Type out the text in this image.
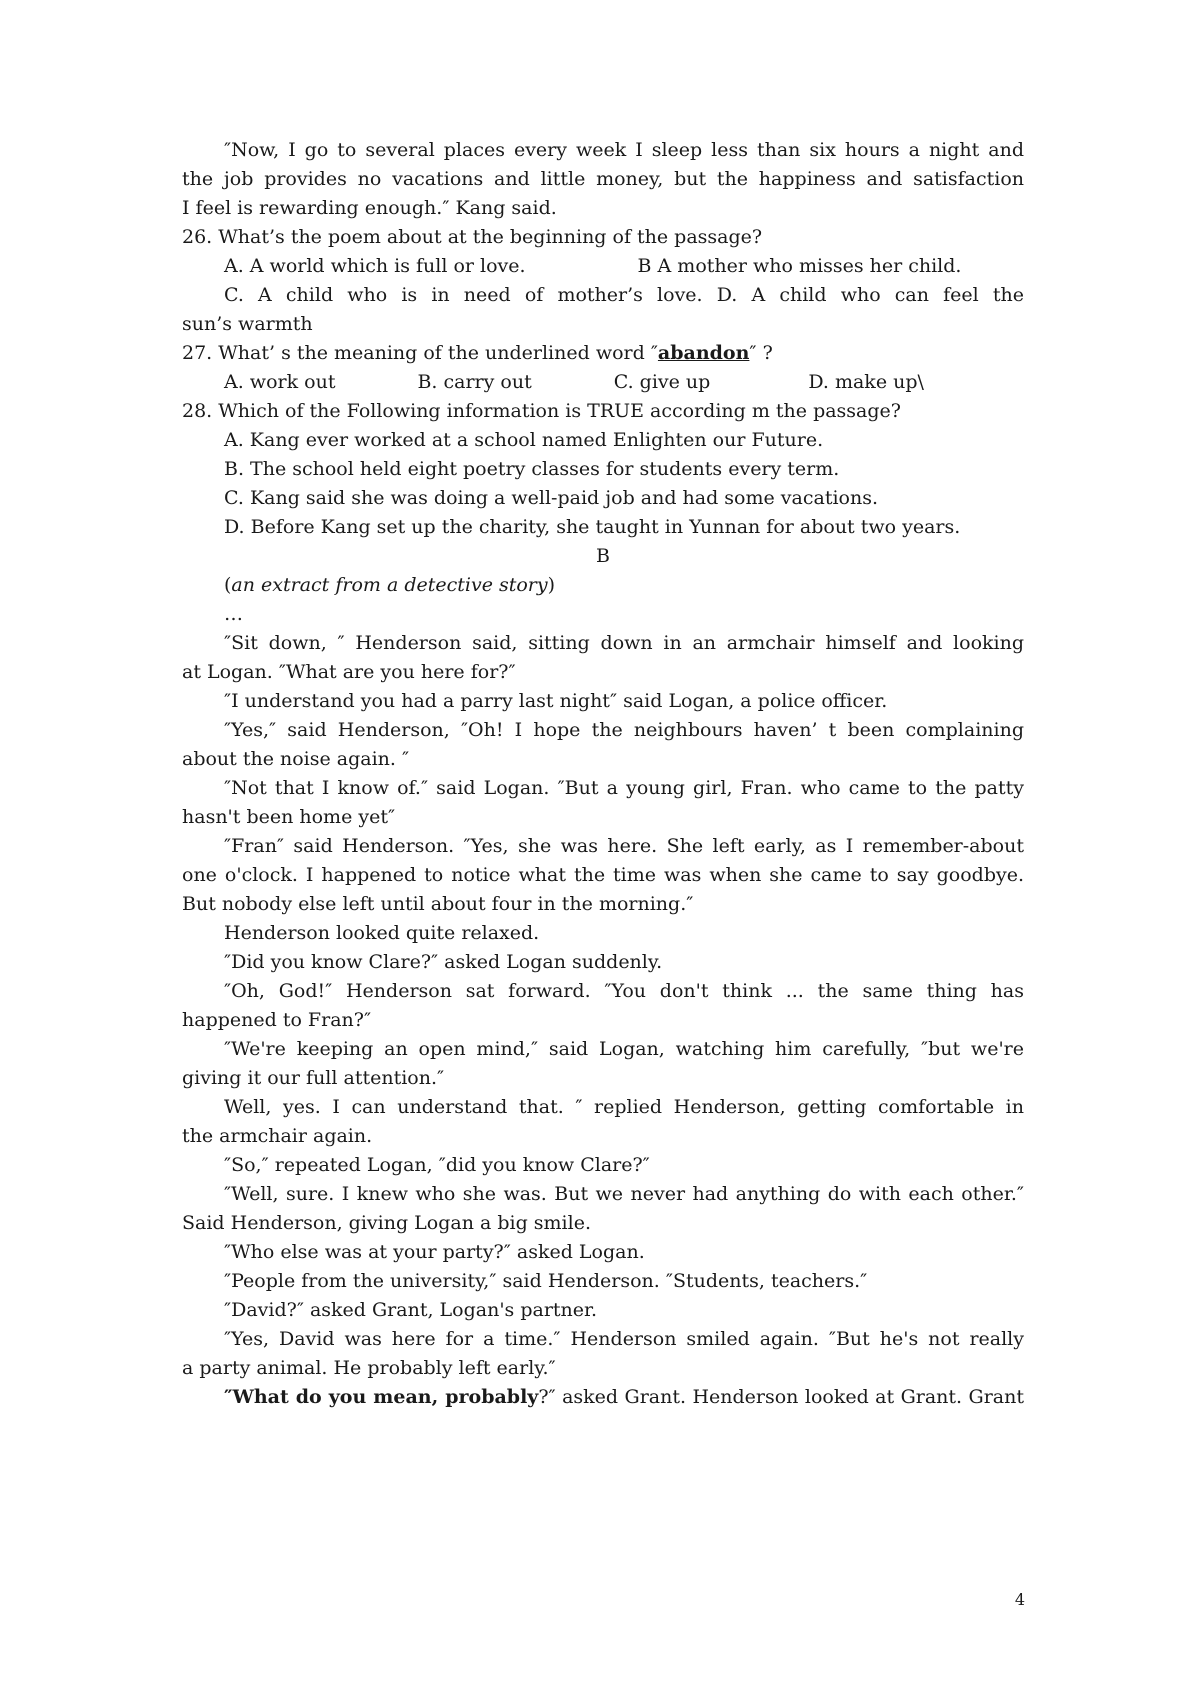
″Now, I go to several places every week I sleep less than six hours a night and
the job provides no vacations and little money, but the happiness and satisfaction
I feel is rewarding enough.″ Kang said.
26. What’s the poem about at the beginning of the passage?
A. A world which is full or love.	B A mother who misses her child.
C. A child who is in need of mother’s love. D. A child who can feel the
sun’s warmth
27. What’ s the meaning of the underlined word ″abandon″ ?
A. work out	B. carry out	C. give up	D. make up\
28. Which of the Following information is TRUE according m the passage?
A. Kang ever worked at a school named Enlighten our Future.
B. The school held eight poetry classes for students every term.
C. Kang said she was doing a well-paid job and had some vacations.
D. Before Kang set up the charity, she taught in Yunnan for about two years.
B
(an extract from a detective story)
…
″Sit down, ″ Henderson said, sitting down in an armchair himself and looking
at Logan. ″What are you here for?″
″I understand you had a parry last night″ said Logan, a police officer.
″Yes,″ said Henderson, ″Oh! I hope the neighbours haven’ t been complaining
about the noise again. ″
″Not that I know of.″ said Logan. ″But a young girl, Fran. who came to the patty
hasn't been home yet″
″Fran″ said Henderson. ″Yes, she was here. She left early, as I remember-about
one o'clock. I happened to notice what the time was when she came to say goodbye.
But nobody else left until about four in the morning.″
Henderson looked quite relaxed.
″Did you know Clare?″ asked Logan suddenly.
″Oh, God!″ Henderson sat forward. ″You don't think ... the same thing has
happened to Fran?″
″We're keeping an open mind,″ said Logan, watching him carefully, ″but we're
giving it our full attention.″
Well, yes. I can understand that. ″ replied Henderson, getting comfortable in
the armchair again.
″So,″ repeated Logan, ″did you know Clare?″
″Well, sure. I knew who she was. But we never had anything do with each other.″
Said Henderson, giving Logan a big smile.
″Who else was at your party?″ asked Logan.
″People from the university,″ said Henderson. ″Students, teachers.″
″David?″ asked Grant, Logan's partner.
″Yes, David was here for a time.″ Henderson smiled again. ″But he's not really
a party animal. He probably left early.″
″What do you mean, probably?″ asked Grant. Henderson looked at Grant. Grant
4
